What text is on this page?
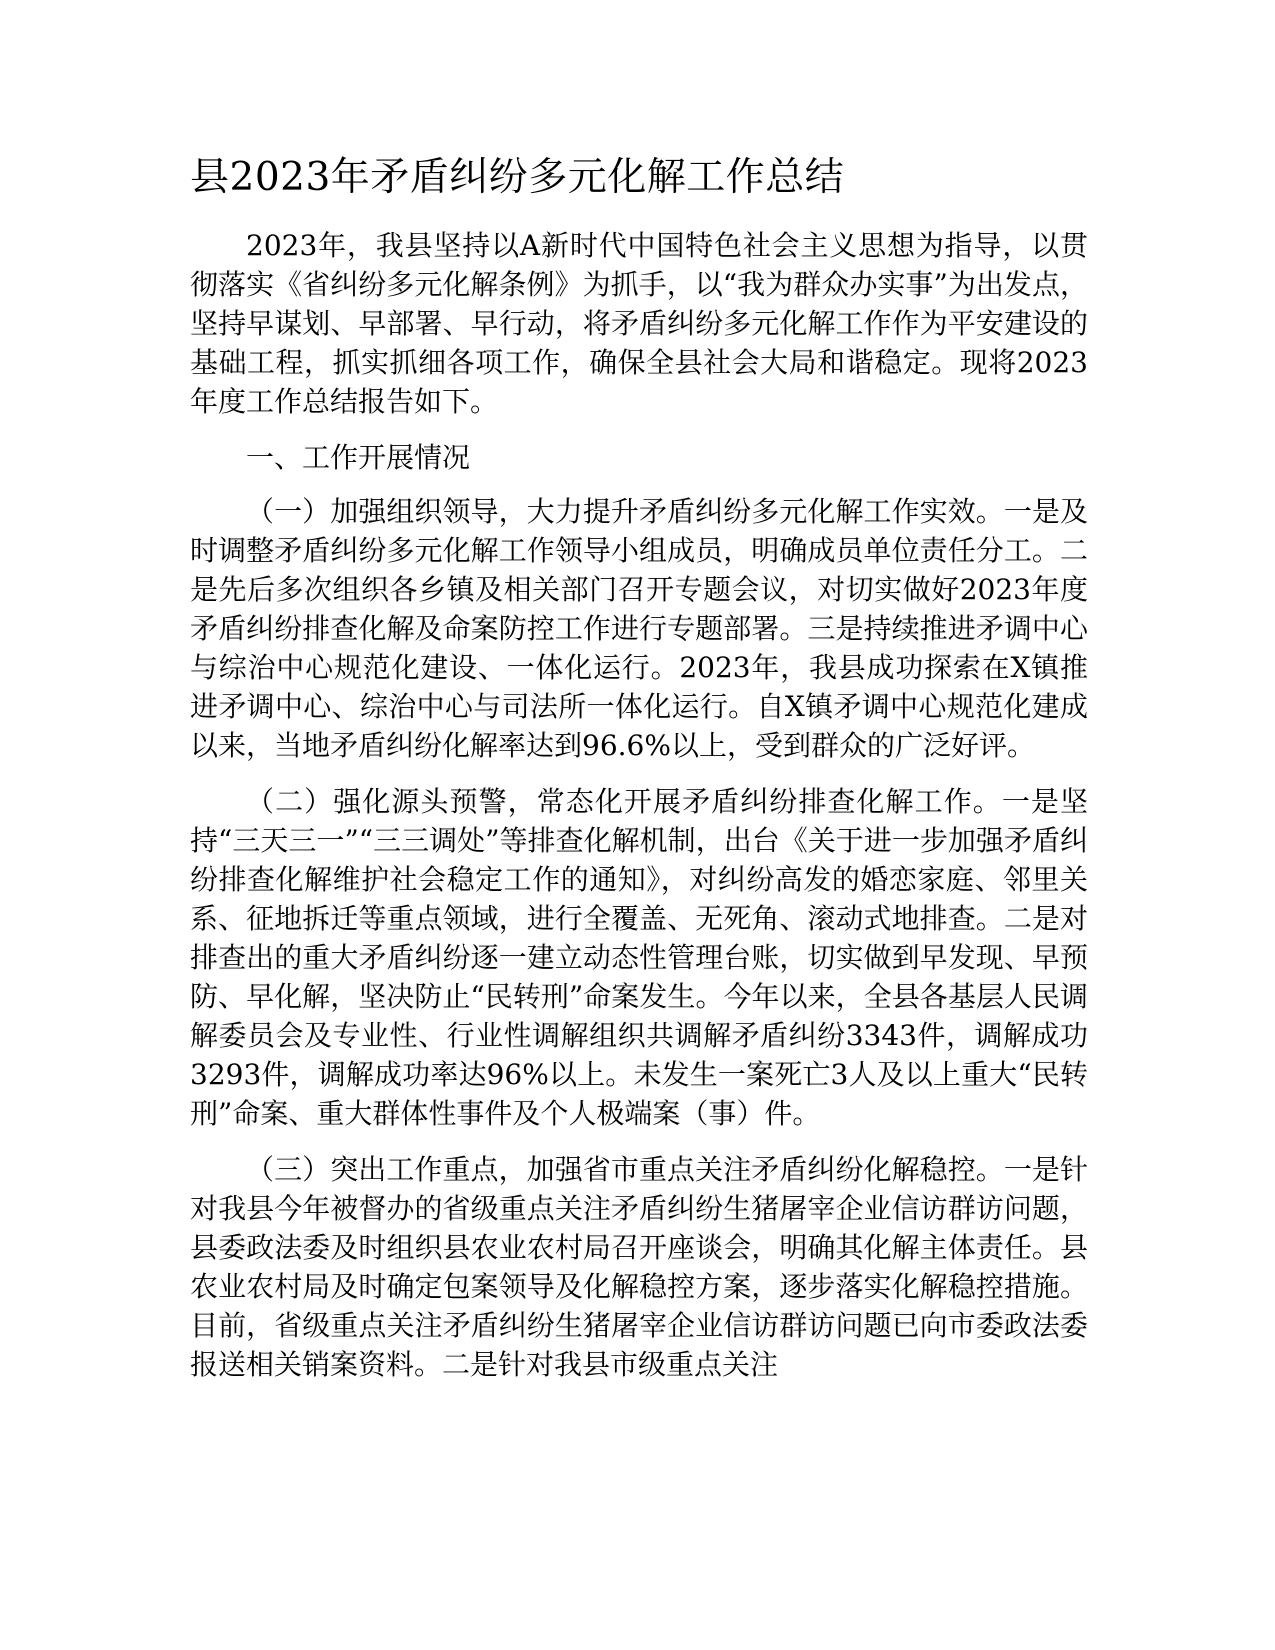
县2023年矛盾纠纷多元化解工作总结

2023年，我县坚持以A新时代中国特色社会主义思想为指导，以贯彻落实《省纠纷多元化解条例》为抓手，以“我为群众办实事”为出发点，坚持早谋划、早部署、早行动，将矛盾纠纷多元化解工作作为平安建设的基础工程，抓实抓细各项工作，确保全县社会大局和谐稳定。现将2023年度工作总结报告如下。

一、工作开展情况

（一）加强组织领导，大力提升矛盾纠纷多元化解工作实效。一是及时调整矛盾纠纷多元化解工作领导小组成员，明确成员单位责任分工。二是先后多次组织各乡镇及相关部门召开专题会议，对切实做好2023年度矛盾纠纷排查化解及命案防控工作进行专题部署。三是持续推进矛调中心与综治中心规范化建设、一体化运行。2023年，我县成功探索在X镇推进矛调中心、综治中心与司法所一体化运行。自X镇矛调中心规范化建成以来，当地矛盾纠纷化解率达到96.6%以上，受到群众的广泛好评。

（二）强化源头预警，常态化开展矛盾纠纷排查化解工作。一是坚持“三天三一”“三三调处”等排查化解机制，出台《关于进一步加强矛盾纠纷排查化解维护社会稳定工作的通知》，对纠纷高发的婚恋家庭、邻里关系、征地拆迁等重点领域，进行全覆盖、无死角、滚动式地排查。二是对排查出的重大矛盾纠纷逐一建立动态性管理台账，切实做到早发现、早预防、早化解，坚决防止“民转刑”命案发生。今年以来，全县各基层人民调解委员会及专业性、行业性调解组织共调解矛盾纠纷3343件，调解成功3293件，调解成功率达96%以上。未发生一案死亡3人及以上重大“民转刑”命案、重大群体性事件及个人极端案（事）件。

（三）突出工作重点，加强省市重点关注矛盾纠纷化解稳控。一是针对我县今年被督办的省级重点关注矛盾纠纷生猪屠宰企业信访群访问题，县委政法委及时组织县农业农村局召开座谈会，明确其化解主体责任。县农业农村局及时确定包案领导及化解稳控方案，逐步落实化解稳控措施。目前，省级重点关注矛盾纠纷生猪屠宰企业信访群访问题已向市委政法委报送相关销案资料。二是针对我县市级重点关注
